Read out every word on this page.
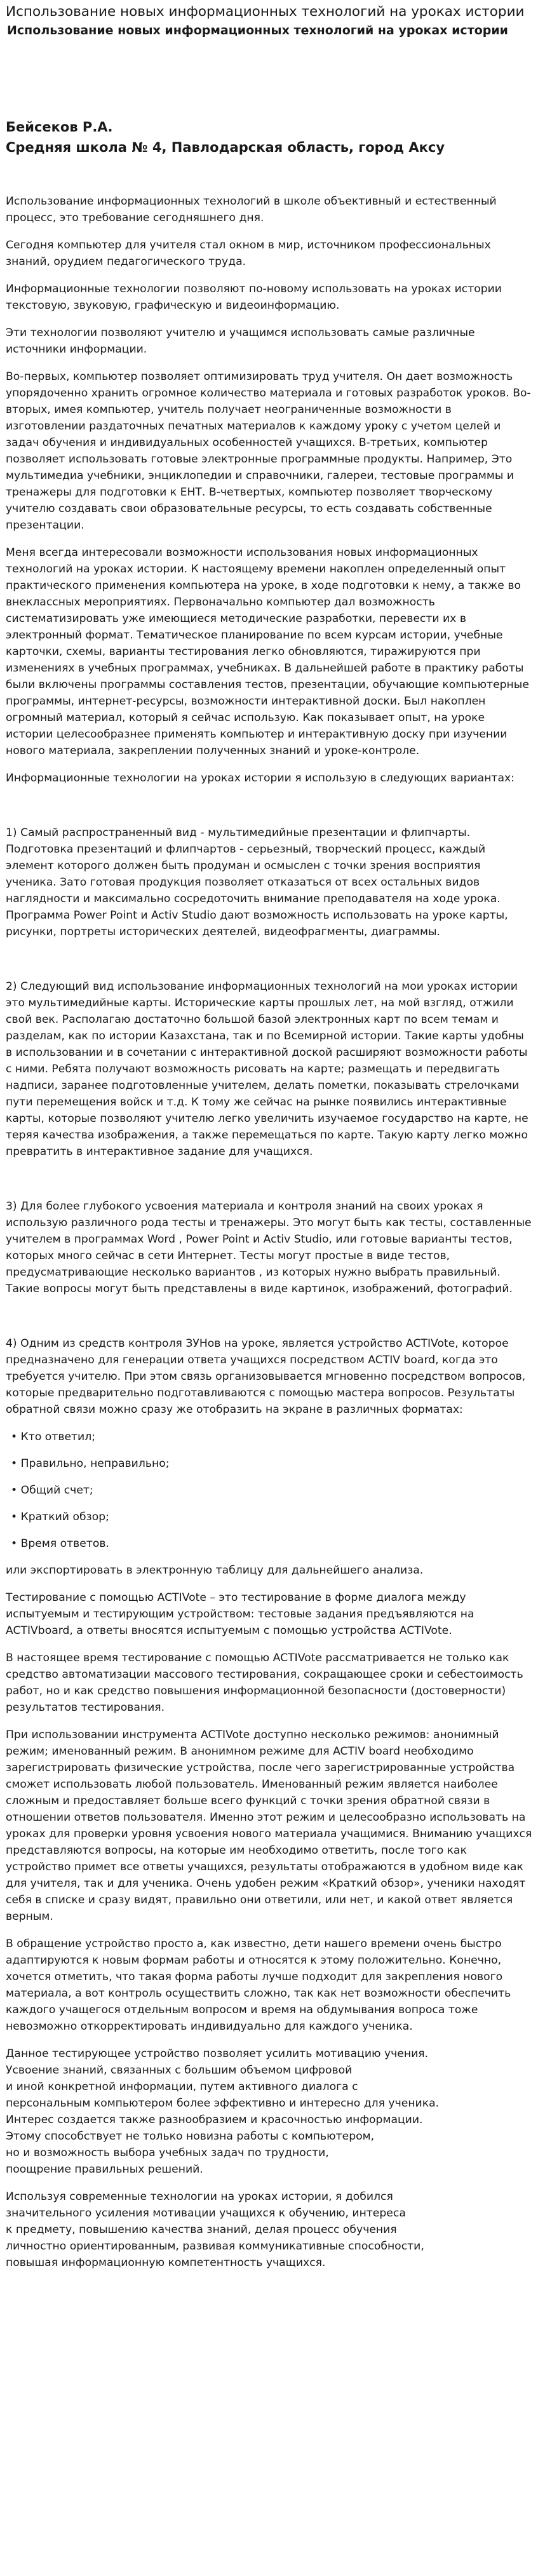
Использование новых информационных технологий на уроках истории
Использование новых информационных технологий на уроках истории
Бейсеков Р.А.
Средняя школа № 4, Павлодарская область, город Аксу

Использование информационных технологий в школе объективный и естественный процесс, это требование сегодняшнего дня.

Сегодня компьютер для учителя стал окном в мир, источником профессиональных знаний, орудием педагогического труда.

Информационные технологии позволяют по-новому использовать на уроках истории текстовую, звуковую, графическую и видеоинформацию.

Эти технологии позволяют учителю и учащимся использовать самые различные источники информации.

Во-первых, компьютер позволяет оптимизировать труд учителя. Он дает возможность упорядоченно хранить огромное количество материала и готовых разработок уроков. Во-вторых, имея компьютер, учитель получает неограниченные возможности в изготовлении раздаточных печатных материалов к каждому уроку с учетом целей и задач обучения и индивидуальных особенностей учащихся. В-третьих, компьютер позволяет использовать готовые электронные программные продукты. Например, Это мультимедиа учебники, энциклопедии и справочники, галереи, тестовые программы и тренажеры для подготовки к ЕНТ. В-четвертых, компьютер позволяет творческому учителю создавать свои образовательные ресурсы, то есть создавать собственные презентации.

Меня всегда интересовали возможности использования новых информационных технологий на уроках истории. К настоящему времени накоплен определенный опыт практического применения компьютера на уроке, в ходе подготовки к нему, а также во внеклассных мероприятиях. Первоначально компьютер дал возможность систематизировать уже имеющиеся методические разработки, перевести их в электронный формат. Тематическое планирование по всем курсам истории, учебные карточки, схемы, варианты тестирования легко обновляются, тиражируются при изменениях в учебных программах, учебниках. В дальнейшей работе в практику работы были включены программы составления тестов, презентации, обучающие компьютерные программы, интернет-ресурсы, возможности интерактивной доски. Был накоплен огромный материал, который я сейчас использую. Как показывает опыт, на уроке истории целесообразнее применять компьютер и интерактивную доску при изучении нового материала, закреплении полученных знаний и уроке-контроле.

Информационные технологии на уроках истории я использую в следующих вариантах:

1) Самый распространенный вид - мультимедийные презентации и флипчарты. Подготовка презентаций и флипчартов - серьезный, творческий процесс, каждый элемент которого должен быть продуман и осмыслен с точки зрения восприятия ученика. Зато готовая продукция позволяет отказаться от всех остальных видов наглядности и максимально сосредоточить внимание преподавателя на ходе урока. Программа Power Point и Activ Studio дают возможность использовать на уроке карты, рисунки, портреты исторических деятелей, видеофрагменты, диаграммы.

2) Следующий вид использование информационных технологий на мои уроках истории это мультимедийные карты. Исторические карты прошлых лет, на мой взгляд, отжили свой век. Располагаю достаточно большой базой электронных карт по всем темам и разделам, как по истории Казахстана, так и по Всемирной истории. Такие карты удобны в использовании и в сочетании с интерактивной доской расширяют возможности работы с ними. Ребята получают возможность рисовать на карте; размещать и передвигать надписи, заранее подготовленные учителем, делать пометки, показывать стрелочками пути перемещения войск и т.д. К тому же сейчас на рынке появились интерактивные карты, которые позволяют учителю легко увеличить изучаемое государство на карте, не теряя качества изображения, а также перемещаться по карте. Такую карту легко можно превратить в интерактивное задание для учащихся.

3) Для более глубокого усвоения материала и контроля знаний на своих уроках я использую различного рода тесты и тренажеры. Это могут быть как тесты, составленные учителем в программах Word , Power Point и Activ Studio, или готовые варианты тестов, которых много сейчас в сети Интернет. Тесты могут простые в виде тестов, предусматривающие несколько вариантов , из которых нужно выбрать правильный. Такие вопросы могут быть представлены в виде картинок, изображений, фотографий.

4) Одним из средств контроля ЗУНов на уроке, является устройство ACTIVote, которое предназначено для генерации ответа учащихся посредством ACTIV board, когда это требуется учителю. При этом связь организовывается мгновенно посредством вопросов, которые предварительно подготавливаются с помощью мастера вопросов. Результаты обратной связи можно сразу же отобразить на экране в различных форматах:

• Кто ответил;
• Правильно, неправильно;
• Общий счет;
• Краткий обзор;
• Время ответов.

или экспортировать в электронную таблицу для дальнейшего анализа.

Тестирование с помощью ACTIVote – это тестирование в форме диалога между испытуемым и тестирующим устройством: тестовые задания предъявляются на ACTIVboard, а ответы вносятся испытуемым с помощью устройства ACTIVote.

В настоящее время тестирование с помощью ACTIVote рассматривается не только как средство автоматизации массового тестирования, сокращающее сроки и себестоимость работ, но и как средство повышения информационной безопасности (достоверности) результатов тестирования.

При использовании инструмента ACTIVote доступно несколько режимов: анонимный режим; именованный режим. В анонимном режиме для ACTIV board необходимо зарегистрировать физические устройства, после чего зарегистрированные устройства сможет использовать любой пользователь. Именованный режим является наиболее сложным и предоставляет больше всего функций с точки зрения обратной связи в отношении ответов пользователя. Именно этот режим и целесообразно использовать на уроках для проверки уровня усвоения нового материала учащимися. Вниманию учащихся представляются вопросы, на которые им необходимо ответить, после того как устройство примет все ответы учащихся, результаты отображаются в удобном виде как для учителя, так и для ученика. Очень удобен режим «Краткий обзор», ученики находят себя в списке и сразу видят, правильно они ответили, или нет, и какой ответ является верным.

В обращение устройство просто а, как известно, дети нашего времени очень быстро адаптируются к новым формам работы и относятся к этому положительно. Конечно, хочется отметить, что такая форма работы лучше подходит для закрепления нового материала, а вот контроль осуществить сложно, так как нет возможности обеспечить каждого учащегося отдельным вопросом и время на обдумывания вопроса тоже невозможно откорректировать индивидуально для каждого ученика.

Данное тестирующее устройство позволяет усилить мотивацию учения.
Усвоение знаний, связанных с большим объемом цифровой
и иной конкретной информации, путем активного диалога с
персональным компьютером более эффективно и интересно для ученика.
Интерес создается также разнообразием и красочностью информации.
Этому способствует не только новизна работы с компьютером,
но и возможность выбора учебных задач по трудности,
поощрение правильных решений.

Используя современные технологии на уроках истории, я добился
значительного усиления мотивации учащихся к обучению, интереса
к предмету, повышению качества знаний, делая процесс обучения
личностно ориентированным, развивая коммуникативные способности,
повышая информационную компетентность учащихся.
